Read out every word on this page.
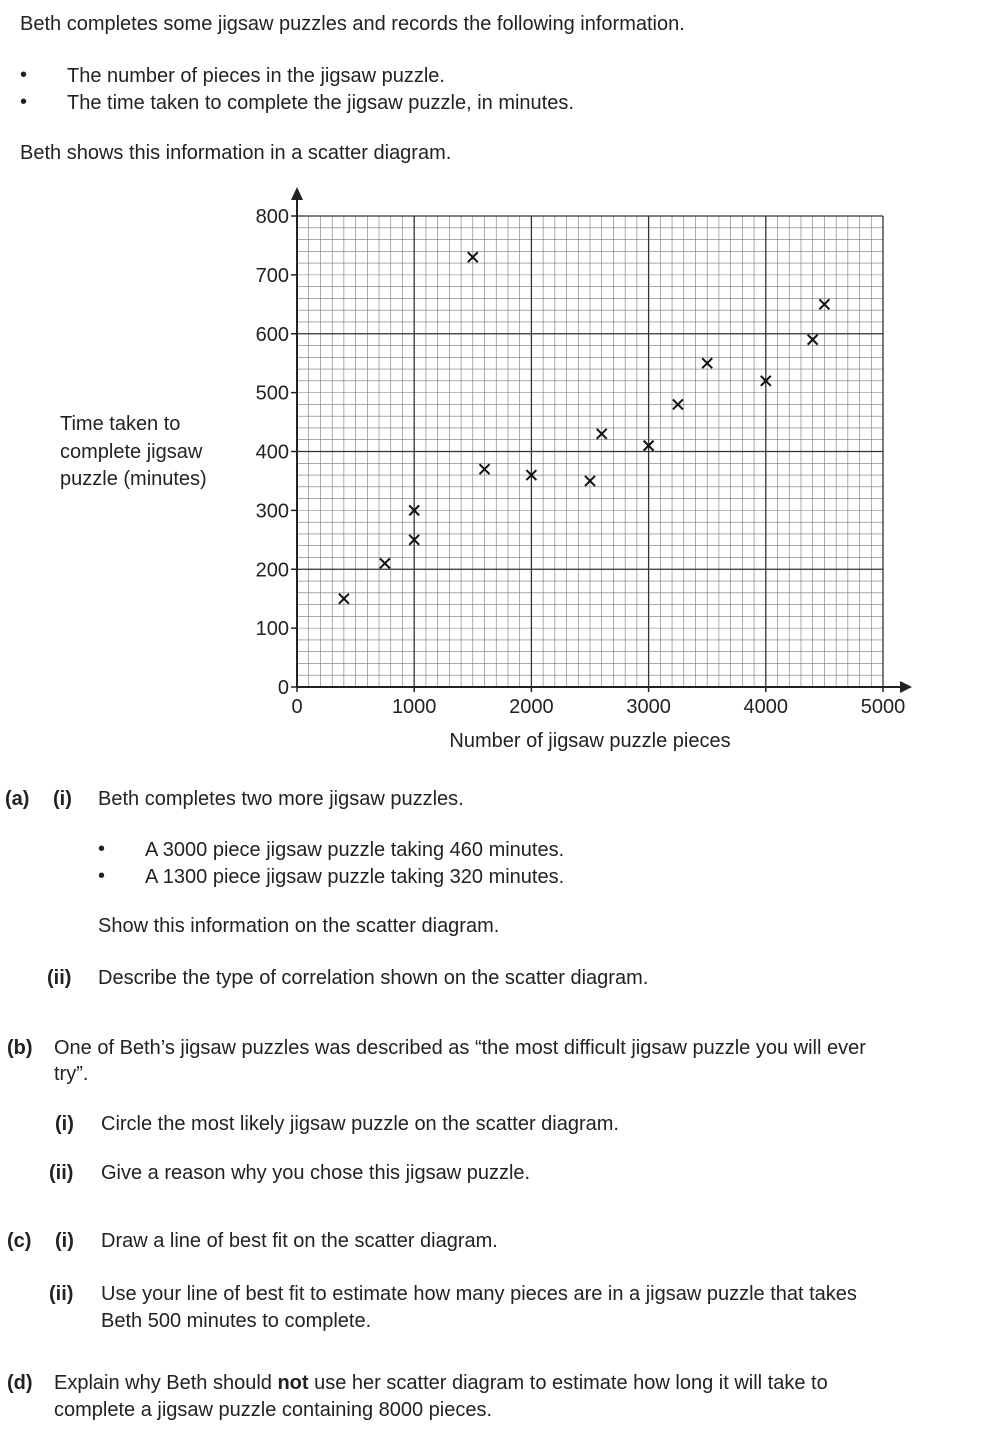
Beth completes some jigsaw puzzles and records the following information.
• The number of pieces in the jigsaw puzzle.
• The time taken to complete the jigsaw puzzle, in minutes.
Beth shows this information in a scatter diagram.
0
100
200
300
400
500
600
700
800
0	1000	2000	3000	4000	5000
Number of jigsaw puzzle pieces
Time taken to
complete jigsaw
puzzle (minutes)
(a) (i) Beth completes two more jigsaw puzzles.
• A 3000 piece jigsaw puzzle taking 460 minutes.
• A 1300 piece jigsaw puzzle taking 320 minutes.
Show this information on the scatter diagram.
(ii) Describe the type of correlation shown on the scatter diagram.
(b) One of Beth’s jigsaw puzzles was described as “the most difficult jigsaw puzzle you will ever
try”.
(i) Circle the most likely jigsaw puzzle on the scatter diagram.
(ii) Give a reason why you chose this jigsaw puzzle.
(c) (i) Draw a line of best fit on the scatter diagram.
(ii) Use your line of best fit to estimate how many pieces are in a jigsaw puzzle that takes
Beth 500 minutes to complete.
(d) Explain why Beth should not use her scatter diagram to estimate how long it will take to
complete a jigsaw puzzle containing 8000 pieces.
